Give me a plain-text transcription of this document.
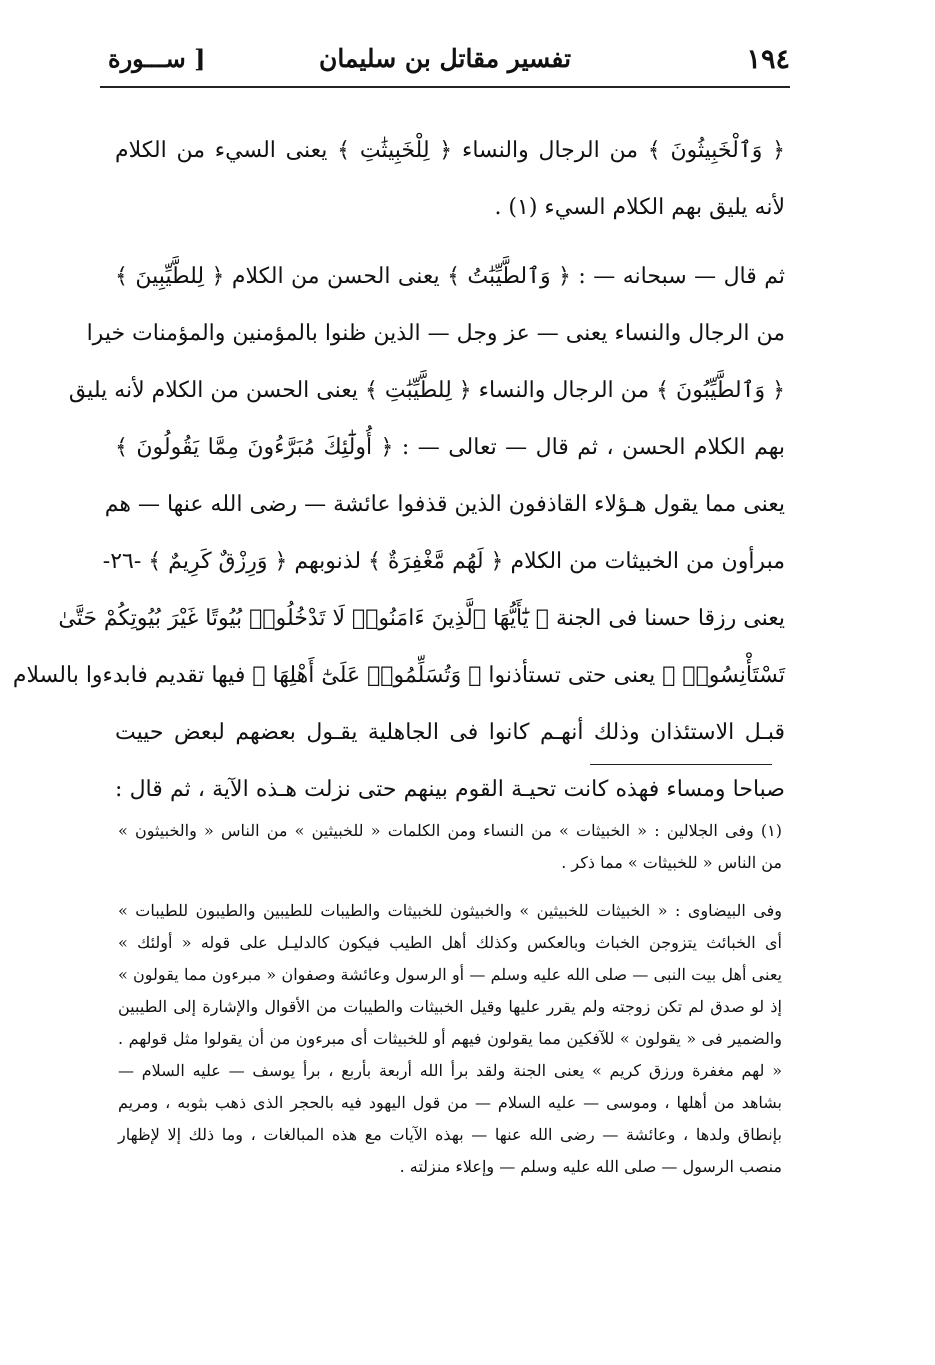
١٩٤
تفسير مقاتل بن سليمان
[ ســـورة
﴿ وَٱلْخَبِيثُونَ ﴾ من الرجال والنساء ﴿ لِلْخَبِيثَٰتِ ﴾ يعنى السيء من الكلام
لأنه يليق بهم الكلام السيء (١) .
ثم قال — سبحانه — : ﴿ وَٱلطَّيِّبَٰتُ ﴾ يعنى الحسن من الكلام ﴿ لِلطَّيِّبِينَ ﴾
من الرجال والنساء يعنى — عز وجل — الذين ظنوا بالمؤمنين والمؤمنات خيرا
﴿ وَٱلطَّيِّبُونَ ﴾ من الرجال والنساء ﴿ لِلطَّيِّبَٰتِ ﴾ يعنى الحسن من الكلام لأنه يليق
بهم الكلام الحسن ، ثم قال — تعالى — : ﴿ أُولَٰٓئِكَ مُبَرَّءُونَ مِمَّا يَقُولُونَ ﴾
يعنى مما يقول هـؤلاء القاذفون الذين قذفوا عائشة — رضى الله عنها — هم
مبرأون من الخبيثات من الكلام ﴿ لَهُم مَّغْفِرَةٌ ﴾ لذنوبهم ﴿ وَرِزْقٌ كَرِيمٌ ﴾ -٢٦-
يعنى رزقا حسنا فى الجنة ﴿ يَٰٓأَيُّهَا ٱلَّذِينَ ءَامَنُوا۟ لَا تَدْخُلُوا۟ بُيُوتًا غَيْرَ بُيُوتِكُمْ حَتَّىٰ
تَسْتَأْنِسُوا۟ ﴾ يعنى حتى تستأذنوا ﴿ وَتُسَلِّمُوا۟ عَلَىٰٓ أَهْلِهَا ﴾ فيها تقديم فابدءوا بالسلام
قبـل الاستئذان وذلك أنهـم كانوا فى الجاهلية يقـول بعضهم لبعض حييت
صباحا ومساء فهذه كانت تحيـة القوم بينهم حتى نزلت هـذه الآية ، ثم قال :
(١) وفى الجلالين : « الخبيثات » من النساء ومن الكلمات « للخبيثين » من الناس « والخبيثون »
من الناس « للخبيثات » مما ذكر .
وفى البيضاوى : « الخبيثات للخبيثين » والخبيثون للخبيثات والطيبات للطيبين والطيبون للطيبات »
أى الخبائث يتزوجن الخباث وبالعكس وكذلك أهل الطيب فيكون كالدليـل على قوله « أولئك »
يعنى أهل بيت النبى — صلى الله عليه وسلم — أو الرسول وعائشة وصفوان « مبرءون مما يقولون »
إذ لو صدق لم تكن زوجته ولم يقرر عليها وقيل الخبيثات والطيبات من الأقوال والإشارة إلى الطيبين
والضمير فى « يقولون » للآفكين مما يقولون فيهم أو للخبيثات أى مبرءون من أن يقولوا مثل قولهم .
« لهم مغفرة ورزق كريم » يعنى الجنة ولقد برأ الله أربعة بأربع ، برأ يوسف — عليه السلام —
بشاهد من أهلها ، وموسى — عليه السلام — من قول اليهود فيه بالحجر الذى ذهب بثوبه ، ومريم
بإنطاق ولدها ، وعائشة — رضى الله عنها — بهذه الآيات مع هذه المبالغات ، وما ذلك إلا لإظهار
منصب الرسول — صلى الله عليه وسلم — وإعلاء منزلته .
